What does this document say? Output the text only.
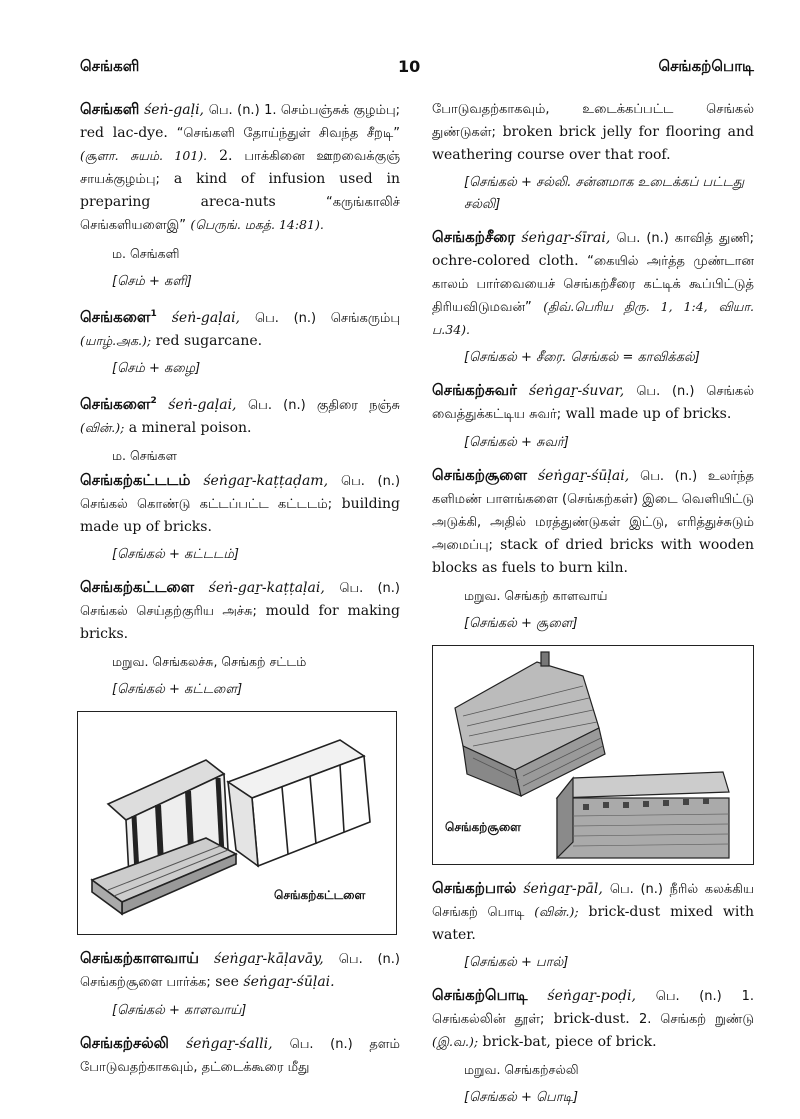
செங்களி	10	செங்கற்பொடி
செங்களி śeṅ-gaḷi, பெ. (n.) 1. செம்பஞ்சுக் குழம்பு; red lac-dye. “செங்களி தோய்ந்துள் சிவந்த சீறடி” (சூளா. சுயம். 101). 2. பாக்கினை ஊறவைக்குஞ் சாயக்குழம்பு; a kind of infusion used in preparing areca-nuts	“கருங்காலிச் செங்களியளைஇ” (பெருங். மகத். 14:81).
ம. செங்களி
[செம் + களி]
செங்களை$^1$ śeṅ-gaḷai, பெ. (n.) செங்கரும்பு (யாழ்.அக.); red sugarcane.
[செம் + கழை]
செங்களை$^2$ śeṅ-gaḷai, பெ. (n.) குதிரை நஞ்சு (வின்.); a mineral poison.
ம. செங்கள
செங்கற்கட்டடம் śeṅgaṟ-kaṭṭaḍam, பெ. (n.) செங்கல் கொண்டு கட்டப்பட்ட கட்டடம்; building made up of bricks.
[செங்கல் + கட்டடம்]
செங்கற்கட்டளை śeṅ-gaṟ-kaṭṭaḷai, பெ. (n.) செங்கல் செய்தற்குரிய அச்சு; mould for making bricks.
மறுவ. செங்கலச்சு, செங்கற் சட்டம்
[செங்கல் + கட்டளை]
செங்கற்கட்டளை
செங்கற்காளவாய் śeṅgaṟ-kāḷavāy, பெ. (n.) செங்கற்சூளை பார்க்க; see śeṅgaṟ-śūḷai.
[செங்கல் + காளவாய்]
செங்கற்சல்லி śeṅgaṟ-śalli, பெ. (n.) தளம் போடுவதற்காகவும், தட்டைக்கூரை மீது
போடுவதற்காகவும், உடைக்கப்பட்ட செங்கல் துண்டுகள்; broken brick jelly for flooring and weathering course over that roof.
[செங்கல் + சல்லி. சன்னமாக உடைக்கப் பட்டது சல்லி]
செங்கற்சீரை śeṅgaṟ-śīrai, பெ. (n.) காவித் துணி; ochre-colored cloth. “கையில் அர்த்த முண்டான காலம் பார்வையைச் செங்கற்சீரை கட்டிக் கூப்பிட்டுத் திரியவிடுமவன்” (திவ்.பெரிய திரு. 1, 1:4, வியா. ப.34).
[செங்கல் + சீரை. செங்கல் = காவிக்கல்]
செங்கற்சுவர் śeṅgaṟ-śuvar, பெ. (n.) செங்கல் வைத்துக்கட்டிய சுவர்; wall made up of bricks.
[செங்கல் + சுவர்]
செங்கற்சூளை śeṅgaṟ-śūḷai, பெ. (n.) உலர்ந்த களிமண் பாளங்களை (செங்கற்கள்) இடை வெளியிட்டு அடுக்கி, அதில் மரத்துண்டுகள் இட்டு, எரித்துச்சுடும் அமைப்பு; stack of dried bricks with wooden blocks as fuels to burn kiln.
மறுவ. செங்கற் காளவாய்
[செங்கல் + சூளை]
செங்கற்சூளை
செங்கற்பால் śeṅgaṟ-pāl, பெ. (n.) நீரில் கலக்கிய செங்கற் பொடி (வின்.); brick-dust mixed with water.
[செங்கல் + பால்]
செங்கற்பொடி śeṅgaṟ-poḍi, பெ. (n.) 1. செங்கல்லின் தூள்; brick-dust. 2. செங்கற் றுண்டு (இ.வ.); brick-bat, piece of brick.
மறுவ. செங்கற்சல்லி
[செங்கல் + பொடி]
